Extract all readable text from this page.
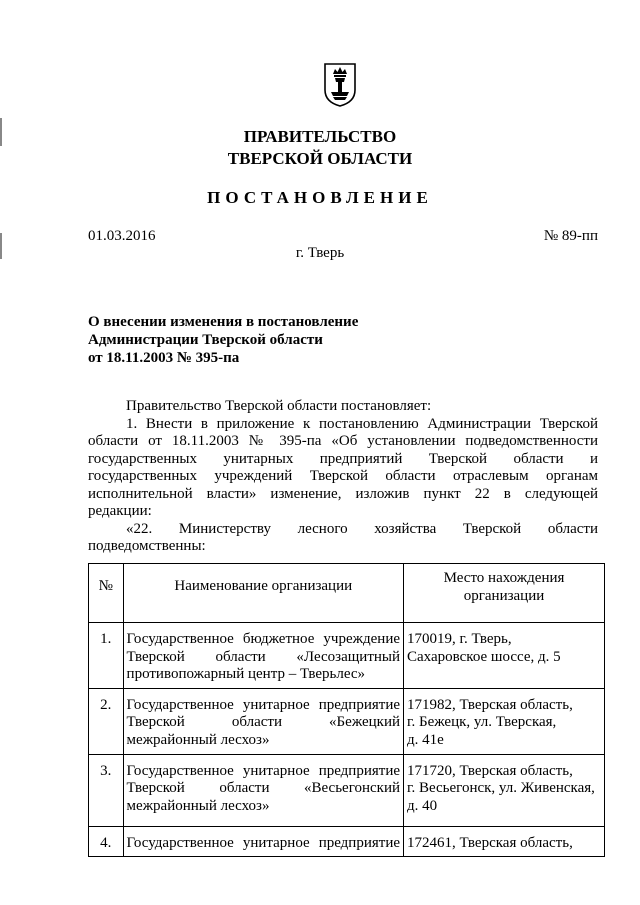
ПРАВИТЕЛЬСТВО
ТВЕРСКОЙ ОБЛАСТИ
ПОСТАНОВЛЕНИЕ
01.03.2016	№ 89-пп
г. Тверь
О внесении изменения в постановление
Администрации Тверской области
от 18.11.2003 № 395-па
Правительство Тверской области постановляет:
1. Внести в приложение к постановлению Администрации Тверской
области от 18.11.2003 № 395-па «Об установлении подведомственности
государственных унитарных предприятий Тверской области и
государственных учреждений Тверской области отраслевым органам
исполнительной власти» изменение, изложив пункт 22 в следующей
редакции:
«22. Министерству лесного хозяйства Тверской области
подведомственны:
№	Наименование организации	Место нахождения
организации

1.	Государственное бюджетное учреждение
Тверской области «Лесозащитный
противопожарный центр – Тверьлес»	170019, г. Тверь,
Сахаровское шоссе, д. 5

2.	Государственное унитарное предприятие
Тверской области «Бежецкий
межрайонный лесхоз»	171982, Тверская область,
г. Бежецк, ул. Тверская,
д. 41е

3.	Государственное унитарное предприятие
Тверской области «Весьегонский
межрайонный лесхоз»	171720, Тверская область,
г. Весьегонск, ул. Живенская,
д. 40

4.	Государственное унитарное предприятие	172461, Тверская область,
